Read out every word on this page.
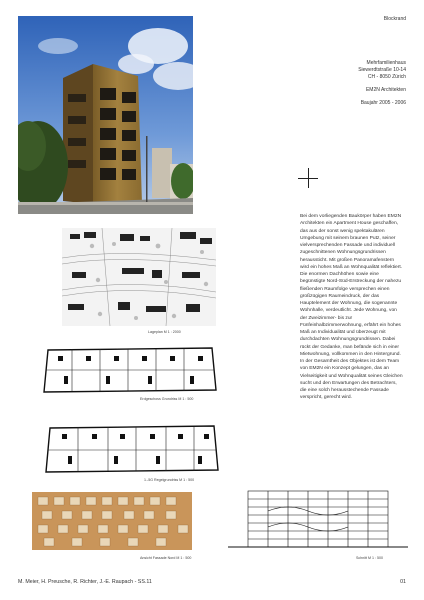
Blockrand
Mehrfamilienhaus
Siewerdtstraße 10-14
CH - 8050 Zürich
EM2N Architekten
Baujahr 2005 - 2006
Lageplan M 1 : 2000
Erdgeschoss Grundriss M 1 : 500
1.-5G Regelgrundriss M 1 : 500
Ansicht Fassade Nord M 1 : 500	Schnitt M 1 : 500
Bei dem vorliegenden Baukörper haben EM2N Architekten ein Apartment House geschaffen, das aus der sonst wenig spektakulären Umgebung mit seinem braunen Putz, seiner vielversprechenden Fassade und individuell zugeschnittenen Wohnungsgrundrissen heraussticht. Mit großen Panoramafenstern wird ein hohes Maß an Wohnqualität reflektiert. Die enormen Dachhöhen sowie eine begünstigte Nord-Süd-Erstreckung der nahezu fließenden Raumfolge versprechen einen großzügigen Raumeindruck, der das Hauptelement der Wohnung, die sogenannte Wohnhalle, verdeutlicht. Jede Wohnung, von der Zweizimmer- bis zur Fünfeinhalbzimmerwohnung, erfährt ein hohes Maß an Individualität und überzeugt mit durchdachten Wohnungsgrundrissen. Dabei rückt der Gedanke, man befände sich in einer Mietwohnung, vollkommen in den Hintergrund. In der Gesamtheit des Objektes ist dem Team von EM2N ein Konzept gelungen, das an Vielseitigkeit und Wohnqualität seines Gleichen sucht und den Erwartungen des Betrachters, die eine solch herausstechende Fassade verspricht, gerecht wird.
M. Meier, H. Preusche, R. Richter, J.-E. Raupach - SS.11	01
